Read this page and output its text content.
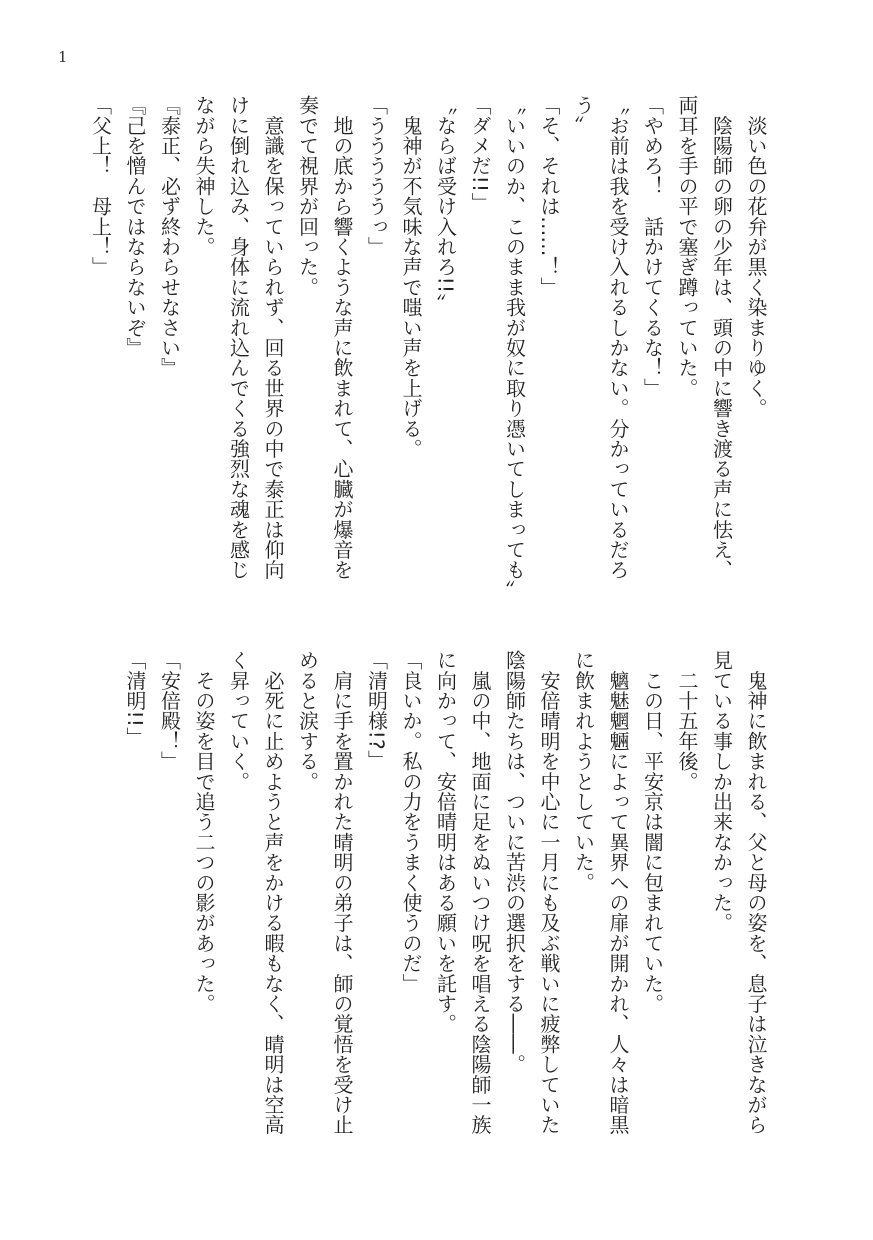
1
　淡い色の花弁が黒く染まりゆく。
　陰陽師の卵の少年は、頭の中に響き渡る声に怯え、
両耳を手の平で塞ぎ蹲っていた。
「やめろ！　話かけてくるな！」
〝お前は我を受け入れるしかない。分かっているだろ
う〟
「そ、それは……！」
〝いいのか、このまま我が奴に取り憑いてしまっても〟
「ダメだ!!」
〝ならば受け入れろ!!〟
　鬼神が不気味な声で嗤い声を上げる。
「うううううっ」
　地の底から響くような声に飲まれて、心臓が爆音を
奏でて視界が回った。
　意識を保っていられず、回る世界の中で泰正は仰向
けに倒れ込み、身体に流れ込んでくる強烈な魂を感じ
ながら失神した。
『泰正、必ず終わらせなさい』
『己を憎んではならないぞ』
「父上！　母上！」
　鬼神に飲まれる、父と母の姿を、息子は泣きながら
見ている事しか出来なかった。
　二十五年後。
　この日、平安京は闇に包まれていた。
　魑魅魍魎によって異界への扉が開かれ、人々は暗黒
に飲まれようとしていた。
　安倍晴明を中心に一月にも及ぶ戦いに疲弊していた
陰陽師たちは、ついに苦渋の選択をする――。
　嵐の中、地面に足をぬいつけ呪を唱える陰陽師一族
に向かって、安倍晴明はある願いを託す。
「良いか。私の力をうまく使うのだ」
「清明様!?」
　肩に手を置かれた晴明の弟子は、師の覚悟を受け止
めると涙する。
　必死に止めようと声をかける暇もなく、晴明は空高
く昇っていく。
　その姿を目で追う二つの影があった。
「安倍殿！」
「清明!!」
